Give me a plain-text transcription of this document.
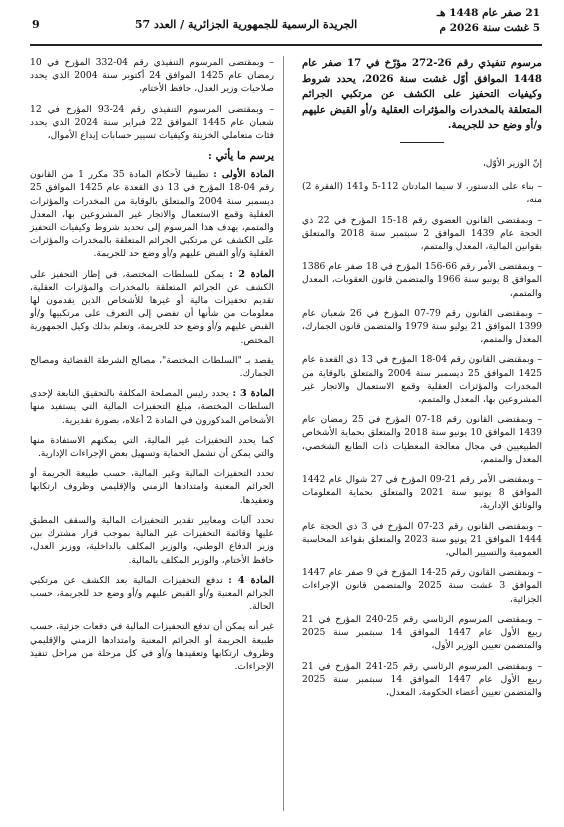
9	الجريدة الرسمية للجمهورية الجزائرية / العدد 57
21 صفر عام 1448 هـ
5 غشت سنة 2026 م
مرسوم تنفيذي رقم 26-272 مؤرّخ في 17 صفر عام 1448 الموافق أوّل غشت سنة 2026، يحدد شروط وكيفيات التحفيز على الكشف عن مرتكبي الجرائم المتعلقة بالمخدرات والمؤثرات العقلية و/أو القبض عليهم و/أو وضع حد للجريمة.

إنّ الوزير الأوّل،

– بناء على الدستور، لا سيما المادتان 112-5 و141 (الفقرة 2) منه،

– وبمقتضى القانون العضوي رقم 18-15 المؤرخ في 22 ذي الحجة عام 1439 الموافق 2 سبتمبر سنة 2018 والمتعلق بقوانين المالية، المعدل والمتمم،

– وبمقتضى الأمر رقم 66-156 المؤرخ في 18 صفر عام 1386 الموافق 8 يونيو سنة 1966 والمتضمن قانون العقوبات، المعدل والمتمم،

– وبمقتضى القانون رقم 79-07 المؤرخ في 26 شعبان عام 1399 الموافق 21 يوليو سنة 1979 والمتضمن قانون الجمارك، المعدل والمتمم،

– وبمقتضى القانون رقم 04-18 المؤرخ في 13 ذي القعدة عام 1425 الموافق 25 ديسمبر سنة 2004 والمتعلق بالوقاية من المخدرات والمؤثرات العقلية وقمع الاستعمال والاتجار غير المشروعين بها، المعدل والمتمم،

– وبمقتضى القانون رقم 18-07 المؤرخ في 25 رمضان عام 1439 الموافق 10 يونيو سنة 2018 والمتعلق بحماية الأشخاص الطبيعيين في مجال معالجة المعطيات ذات الطابع الشخصي، المعدل والمتمم،

– وبمقتضى الأمر رقم 21-09 المؤرخ في 27 شوال عام 1442 الموافق 8 يونيو سنة 2021 والمتعلق بحماية المعلومات والوثائق الإدارية،

– وبمقتضى القانون رقم 23-07 المؤرخ في 3 ذي الحجة عام 1444 الموافق 21 يونيو سنة 2023 والمتعلق بقواعد المحاسبة العمومية والتسيير المالي،

– وبمقتضى القانون رقم 25-14 المؤرخ في 9 صفر عام 1447 الموافق 3 غشت سنة 2025 والمتضمن قانون الإجراءات الجزائية،

– وبمقتضى المرسوم الرئاسي رقم 25-240 المؤرخ في 21 ربيع الأول عام 1447 الموافق 14 سبتمبر سنة 2025 والمتضمن تعيين الوزير الأول،

– وبمقتضى المرسوم الرئاسي رقم 25-241 المؤرخ في 21 ربيع الأول عام 1447 الموافق 14 سبتمبر سنة 2025 والمتضمن تعيين أعضاء الحكومة، المعدل،

– وبمقتضى المرسوم التنفيذي رقم 04-332 المؤرخ في 10 رمضان عام 1425 الموافق 24 أكتوبر سنة 2004 الذي يحدد صلاحيات وزير العدل، حافظ الأختام،

– وبمقتضى المرسوم التنفيذي رقم 24-93 المؤرخ في 12 شعبان عام 1445 الموافق 22 فبراير سنة 2024 الذي يحدد فئات متعاملي الخزينة وكيفيات تسيير حسابات إيداع الأموال،

يرسم ما يأتي :

المادة الأولى : تطبيقا لأحكام المادة 35 مكرر 1 من القانون رقم 04-18 المؤرخ في 13 ذي القعدة عام 1425 الموافق 25 ديسمبر سنة 2004 والمتعلق بالوقاية من المخدرات والمؤثرات العقلية وقمع الاستعمال والاتجار غير المشروعين بها، المعدل والمتمم، يهدف هذا المرسوم إلى تحديد شروط وكيفيات التحفيز على الكشف عن مرتكبي الجرائم المتعلقة بالمخدرات والمؤثرات العقلية و/أو القبض عليهم و/أو وضع حد للجريمة.

المادة 2 : يمكن للسلطات المختصة، في إطار التحفيز على الكشف عن الجرائم المتعلقة بالمخدرات والمؤثرات العقلية، تقديم تحفيزات مالية أو غيرها للأشخاص الذين يقدمون لها معلومات من شأنها أن تفضي إلى التعرف على مرتكبيها و/أو القبض عليهم و/أو وضع حد للجريمة، وتعلم بذلك وكيل الجمهورية المختص.

يقصد بـ "السلطات المختصة"، مصالح الشرطة القضائية ومصالح الجمارك.

المادة 3 : يحدد رئيس المصلحة المكلفة بالتحقيق التابعة لإحدى السلطات المختصة، مبلغ التحفيزات المالية التي يستفيد منها الأشخاص المذكورون في المادة 2 أعلاه، بصورة تقديرية.

كما يحدد التحفيزات غير المالية، التي يمكنهم الاستفادة منها والتي يمكن أن تشمل الحماية وتسهيل بعض الإجراءات الإدارية.

تحدد التحفيزات المالية وغير المالية، حسب طبيعة الجريمة أو الجرائم المعنية وامتدادها الزمني والإقليمي وظروف ارتكابها وتعقيدها.

تحدد آليات ومعايير تقدير التحفيزات المالية والسقف المطبق عليها وقائمة التحفيزات غير المالية بموجب قرار مشترك بين وزير الدفاع الوطني، والوزير المكلف بالداخلية، ووزير العدل، حافظ الأختام، والوزير المكلف بالمالية.

المادة 4 : تدفع التحفيزات المالية بعد الكشف عن مرتكبي الجرائم المعنية و/أو القبض عليهم و/أو وضع حد للجريمة، حسب الحالة.

غير أنه يمكن أن تدفع التحفيزات المالية في دفعات جزئية، حسب طبيعة الجريمة أو الجرائم المعنية وامتدادها الزمني والإقليمي وظروف ارتكابها وتعقيدها و/أو في كل مرحلة من مراحل تنفيذ الإجراءات.
